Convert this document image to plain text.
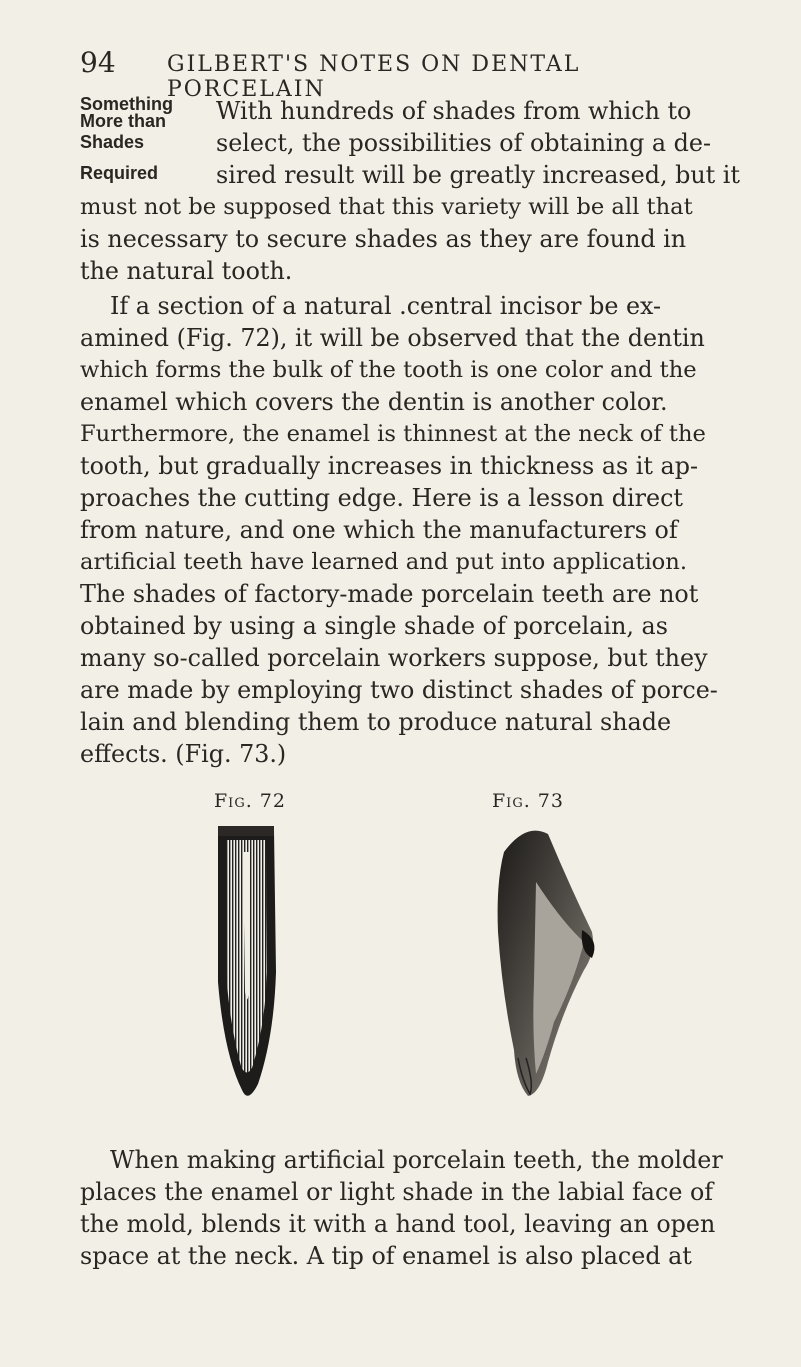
94 GILBERT'S NOTES ON DENTAL PORCELAIN
Something
More than
Shades
Required
With hundreds of shades from which to
select, the possibilities of obtaining a de-
sired result will be greatly increased, but it
must not be supposed that this variety will be all that
is necessary to secure shades as they are found in
the natural tooth.
If a section of a natural .central incisor be ex-
amined (Fig. 72), it will be observed that the dentin
which forms the bulk of the tooth is one color and the
enamel which covers the dentin is another color.
Furthermore, the enamel is thinnest at the neck of the
tooth, but gradually increases in thickness as it ap-
proaches the cutting edge. Here is a lesson direct
from nature, and one which the manufacturers of
artificial teeth have learned and put into application.
The shades of factory-made porcelain teeth are not
obtained by using a single shade of porcelain, as
many so-called porcelain workers suppose, but they
are made by employing two distinct shades of porce-
lain and blending them to produce natural shade
effects. (Fig. 73.)
Fig. 72	Fig. 73
When making artificial porcelain teeth, the molder
places the enamel or light shade in the labial face of
the mold, blends it with a hand tool, leaving an open
space at the neck. A tip of enamel is also placed at
